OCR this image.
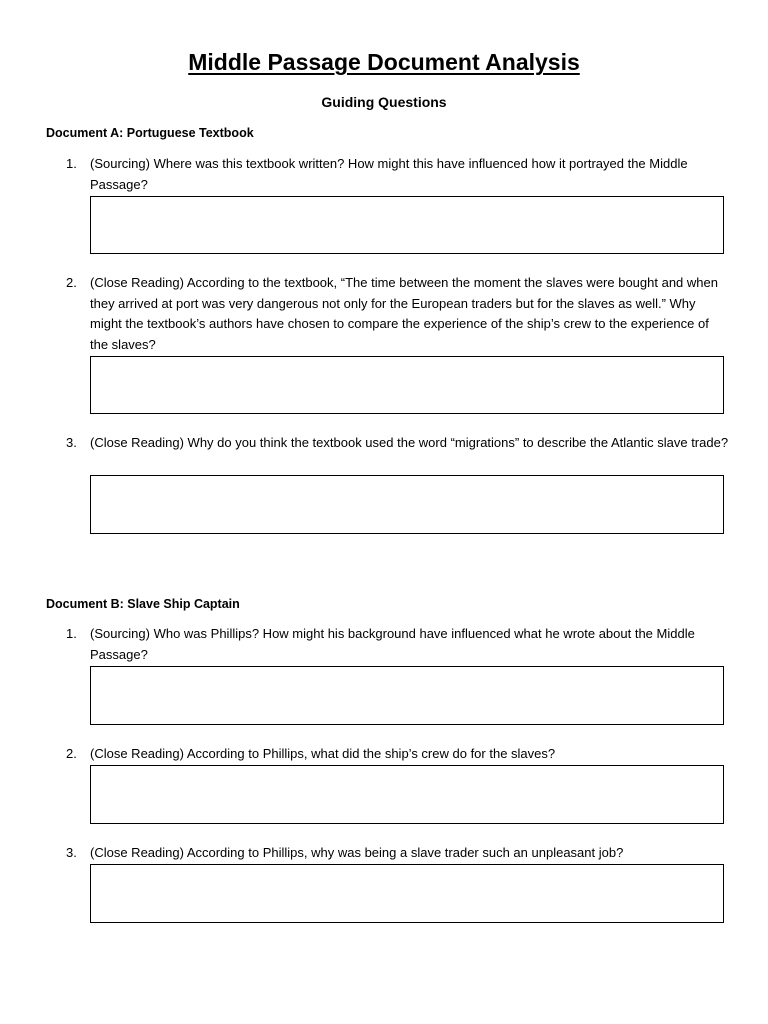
Middle Passage Document Analysis
Guiding Questions
Document A: Portuguese Textbook
1.	(Sourcing) Where was this textbook written? How might this have influenced how it portrayed the Middle Passage?
2.	(Close Reading) According to the textbook, “The time between the moment the slaves were bought and when they arrived at port was very dangerous not only for the European traders but for the slaves as well.” Why might the textbook’s authors have chosen to compare the experience of the ship’s crew to the experience of the slaves?
3.	(Close Reading) Why do you think the textbook used the word “migrations” to describe the Atlantic slave trade?
Document B: Slave Ship Captain
1.	(Sourcing) Who was Phillips? How might his background have influenced what he wrote about the Middle Passage?
2.	(Close Reading) According to Phillips, what did the ship’s crew do for the slaves?
3.	(Close Reading) According to Phillips, why was being a slave trader such an unpleasant job?
